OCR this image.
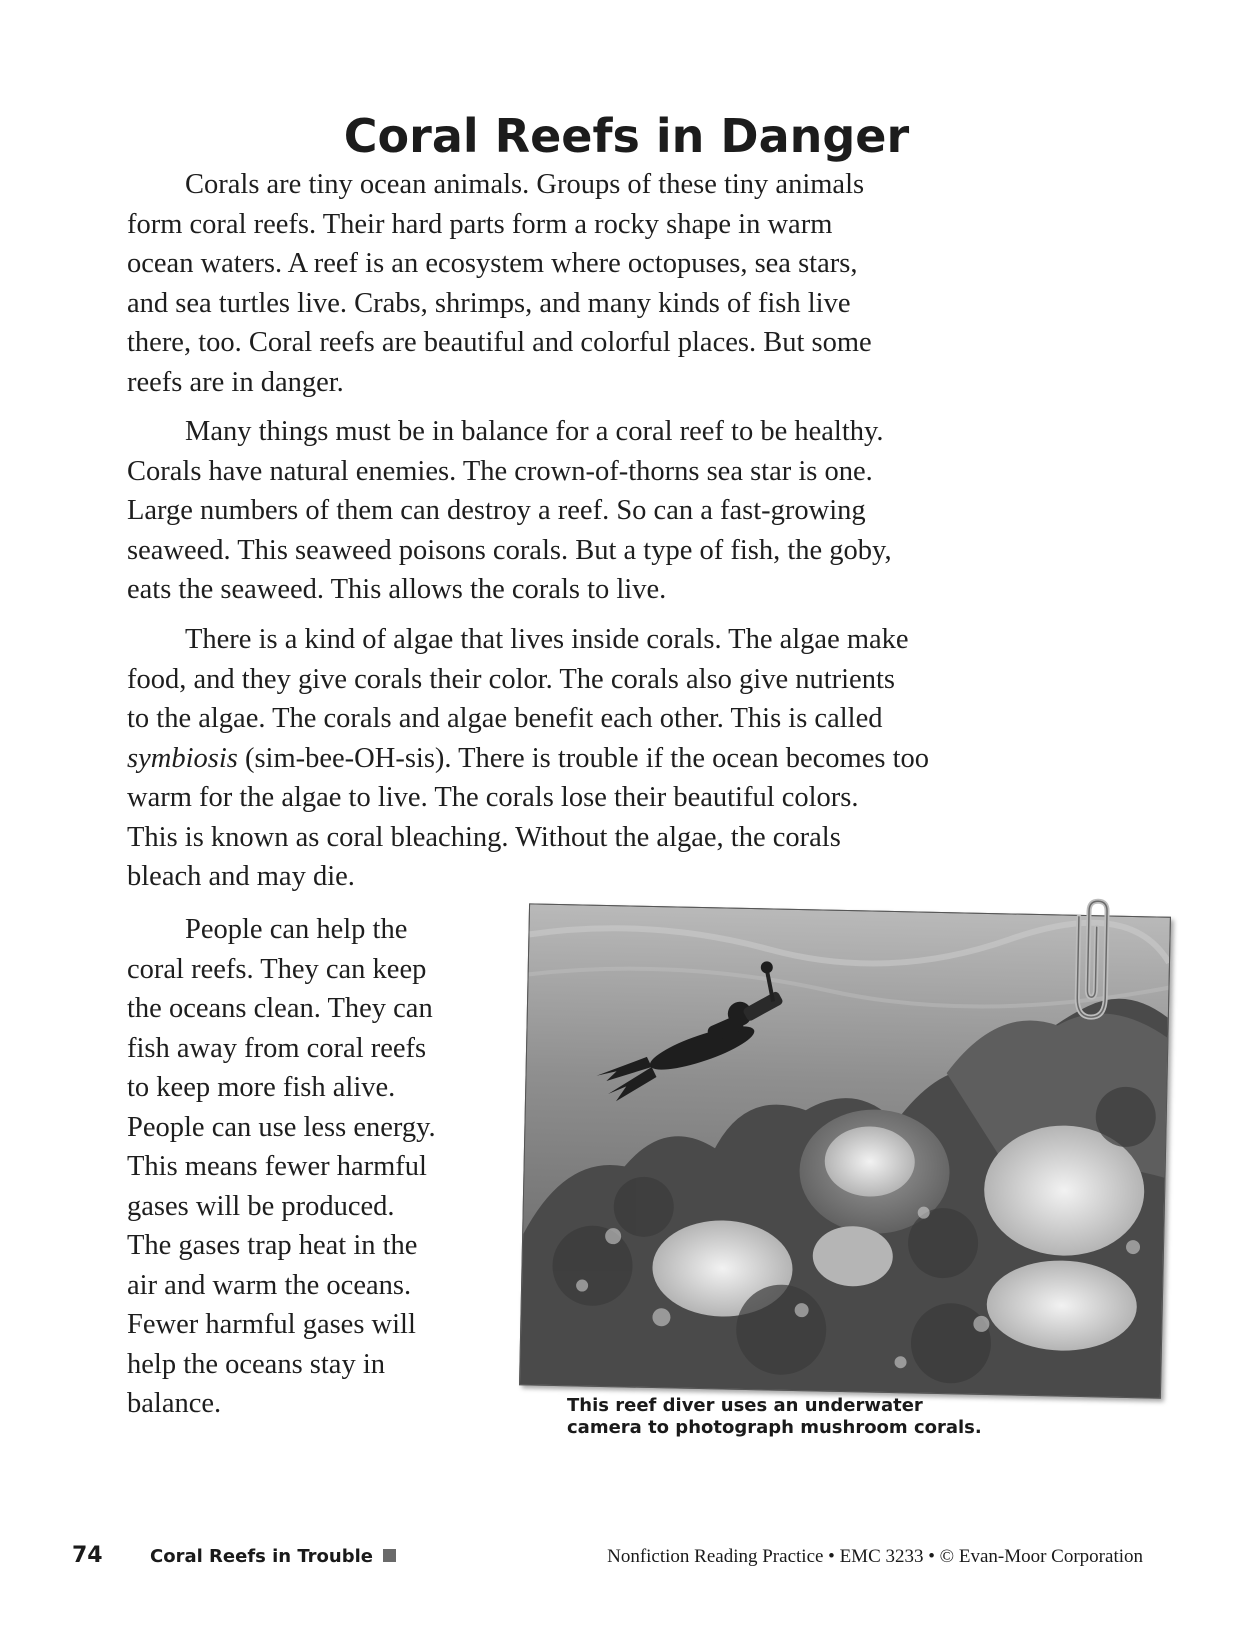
Coral Reefs in Danger

Corals are tiny ocean animals. Groups of these tiny animals
form coral reefs. Their hard parts form a rocky shape in warm
ocean waters. A reef is an ecosystem where octopuses, sea stars,
and sea turtles live. Crabs, shrimps, and many kinds of fish live
there, too. Coral reefs are beautiful and colorful places. But some
reefs are in danger.

Many things must be in balance for a coral reef to be healthy.
Corals have natural enemies. The crown-of-thorns sea star is one.
Large numbers of them can destroy a reef. So can a fast-growing
seaweed. This seaweed poisons corals. But a type of fish, the goby,
eats the seaweed. This allows the corals to live.

There is a kind of algae that lives inside corals. The algae make
food, and they give corals their color. The corals also give nutrients
to the algae. The corals and algae benefit each other. This is called
symbiosis (sim-bee-OH-sis). There is trouble if the ocean becomes too
warm for the algae to live. The corals lose their beautiful colors.
This is known as coral bleaching. Without the algae, the corals
bleach and may die.

People can help the
coral reefs. They can keep
the oceans clean. They can
fish away from coral reefs
to keep more fish alive.
People can use less energy.
This means fewer harmful
gases will be produced.
The gases trap heat in the
air and warm the oceans.
Fewer harmful gases will
help the oceans stay in
balance.	This reef diver uses an underwater
camera to photograph mushroom corals.
74	Coral Reefs in Trouble	Nonfiction Reading Practice • EMC 3233 • © Evan-Moor Corporation
